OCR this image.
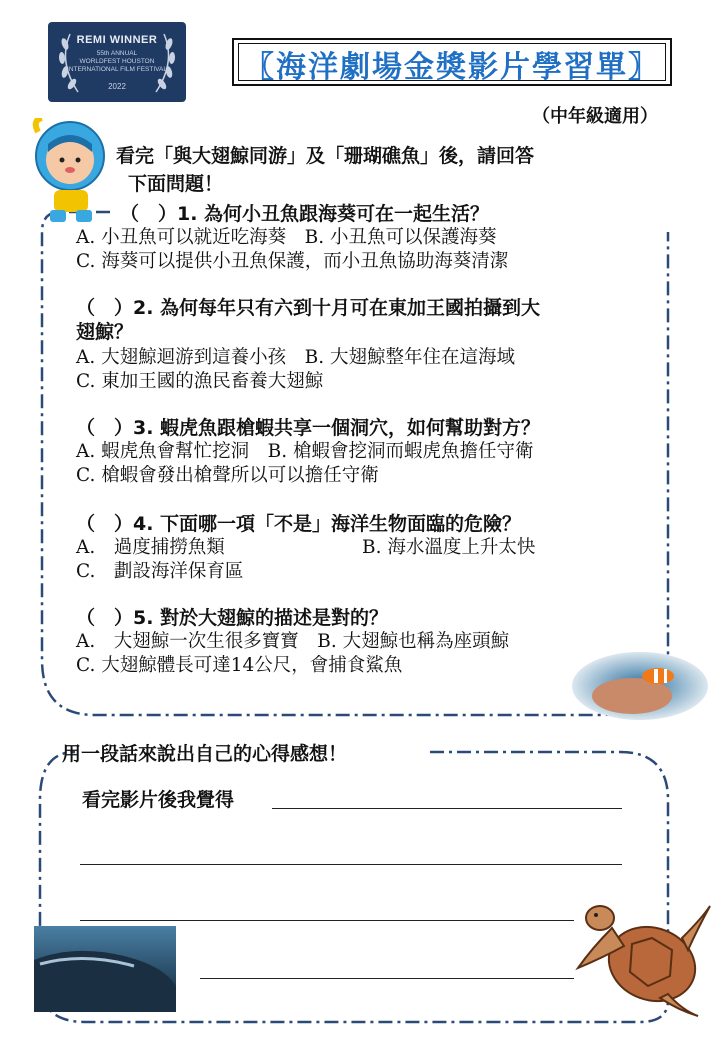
REMI WINNER
55th ANNUAL
WORLDFEST HOUSTON
INTERNATIONAL FILM FESTIVAL
2022
〖海洋劇場金獎影片學習單〗
（中年級適用）
看完「與大翅鯨同游」及「珊瑚礁魚」後，請回答
下面問題！
（　）1. 為何小丑魚跟海葵可在一起生活？
A. 小丑魚可以就近吃海葵　B. 小丑魚可以保護海葵
C. 海葵可以提供小丑魚保護，而小丑魚協助海葵清潔
（　）2. 為何每年只有六到十月可在東加王國拍攝到大
翅鯨？
A. 大翅鯨迴游到這養小孩　B. 大翅鯨整年住在這海域
C. 東加王國的漁民畜養大翅鯨
（　）3. 蝦虎魚跟槍蝦共享一個洞穴，如何幫助對方？
A. 蝦虎魚會幫忙挖洞　B. 槍蝦會挖洞而蝦虎魚擔任守衛
C. 槍蝦會發出槍聲所以可以擔任守衛
（　）4. 下面哪一項「不是」海洋生物面臨的危險？
A.　過度捕撈魚類	B. 海水溫度上升太快
C.　劃設海洋保育區
（　）5. 對於大翅鯨的描述是對的？
A.　大翅鯨一次生很多寶寶　B. 大翅鯨也稱為座頭鯨
C. 大翅鯨體長可達14公尺，會捕食鯊魚
用一段話來說出自己的心得感想！
看完影片後我覺得
